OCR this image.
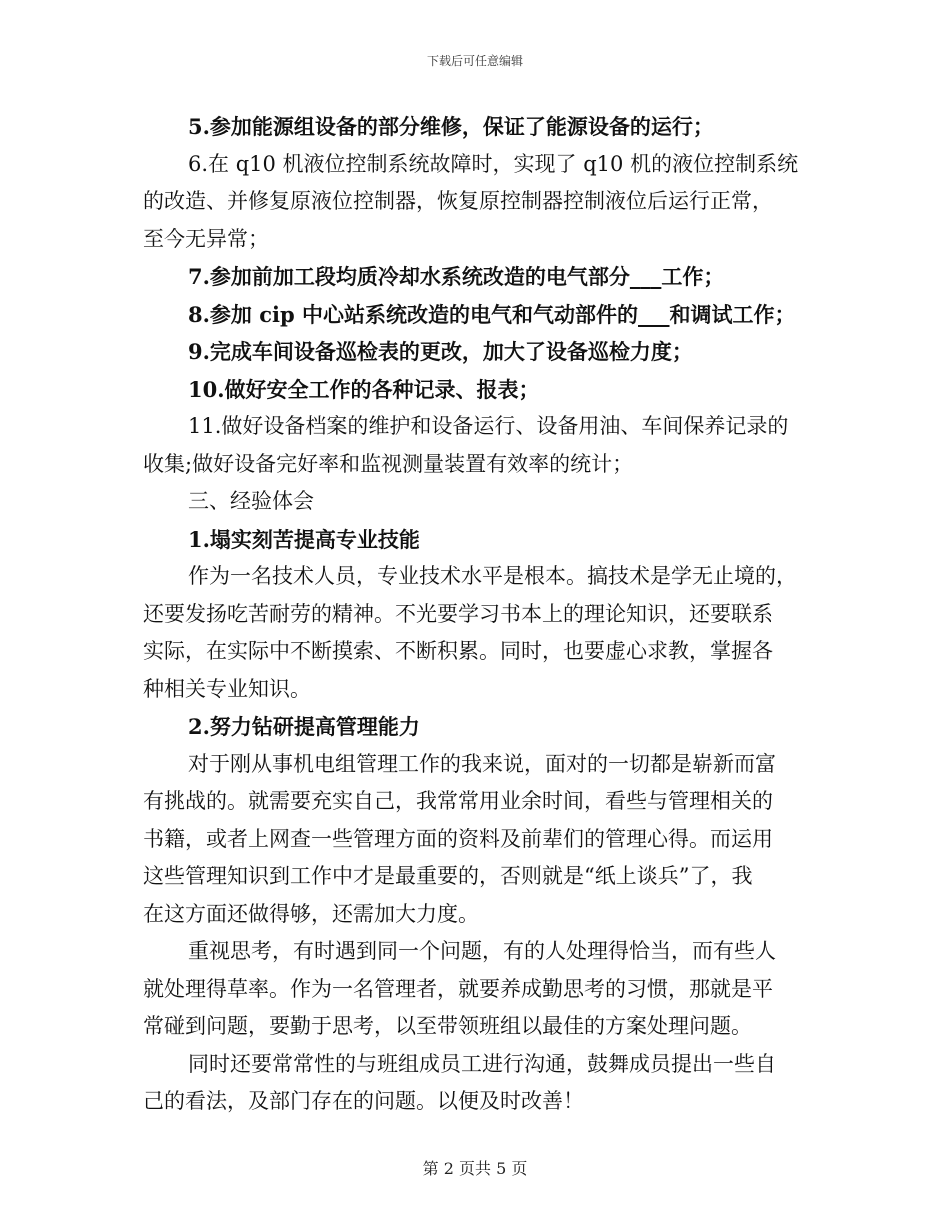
下载后可任意编辑

5.参加能源组设备的部分维修，保证了能源设备的运行；

6.在 q10 机液位控制系统故障时，实现了 q10 机的液位控制系统

的改造、并修复原液位控制器，恢复原控制器控制液位后运行正常，

至今无异常；

7.参加前加工段均质冷却水系统改造的电气部分___工作；

8.参加 cip 中心站系统改造的电气和气动部件的___和调试工作；

9.完成车间设备巡检表的更改，加大了设备巡检力度；

10.做好安全工作的各种记录、报表；

11.做好设备档案的维护和设备运行、设备用油、车间保养记录的

收集;做好设备完好率和监视测量装置有效率的统计；

三、经验体会

1.塌实刻苦提高专业技能

作为一名技术人员，专业技术水平是根本。搞技术是学无止境的，

还要发扬吃苦耐劳的精神。不光要学习书本上的理论知识，还要联系

实际，在实际中不断摸索、不断积累。同时，也要虚心求教，掌握各

种相关专业知识。

2.努力钻研提高管理能力

对于刚从事机电组管理工作的我来说，面对的一切都是崭新而富

有挑战的。就需要充实自己，我常常用业余时间，看些与管理相关的

书籍，或者上网查一些管理方面的资料及前辈们的管理心得。而运用

这些管理知识到工作中才是最重要的，否则就是“纸上谈兵”了，我

在这方面还做得够，还需加大力度。

重视思考，有时遇到同一个问题，有的人处理得恰当，而有些人

就处理得草率。作为一名管理者，就要养成勤思考的习惯，那就是平

常碰到问题，要勤于思考，以至带领班组以最佳的方案处理问题。

同时还要常常性的与班组成员工进行沟通，鼓舞成员提出一些自

己的看法，及部门存在的问题。以便及时改善！

第 2 页共 5 页
